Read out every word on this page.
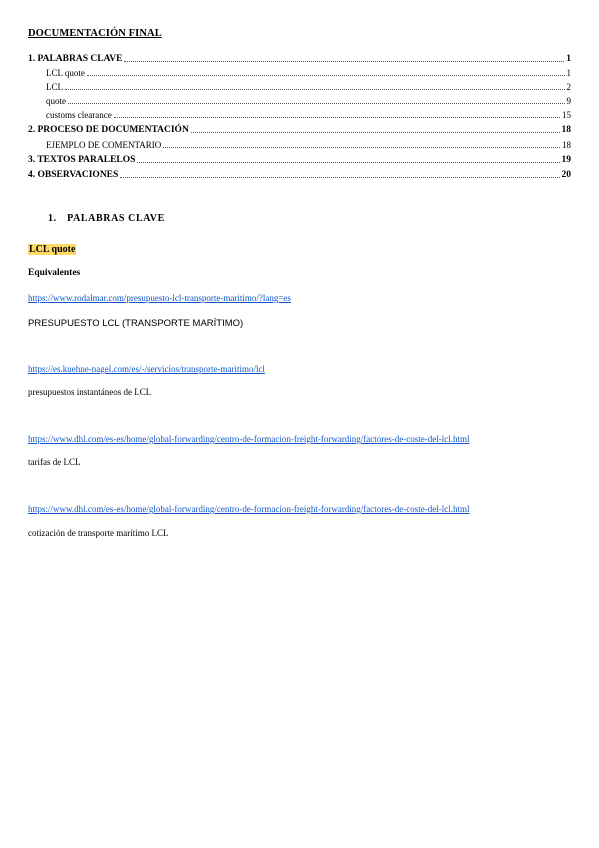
DOCUMENTACIÓN FINAL
1. PALABRAS CLAVE	1
LCL quote	1
LCL	2
quote	9
customs clearance	15
2. PROCESO DE DOCUMENTACIÓN	18
EJEMPLO DE COMENTARIO	18
3. TEXTOS PARALELOS	19
4. OBSERVACIONES	20
1. PALABRAS CLAVE
LCL quote
Equivalentes
https://www.rodalmar.com/presupuesto-lcl-transporte-maritimo/?lang=es
PRESUPUESTO LCL (TRANSPORTE MARÍTIMO)
https://es.kuehne-nagel.com/es/-/servicios/transporte-maritimo/lcl
presupuestos instantáneos de LCL
https://www.dhl.com/es-es/home/global-forwarding/centro-de-formacion-freight-forwarding/factores-de-coste-del-lcl.html
tarifas de LCL
https://www.dhl.com/es-es/home/global-forwarding/centro-de-formacion-freight-forwarding/factores-de-coste-del-lcl.html
cotización de transporte marítimo LCL
